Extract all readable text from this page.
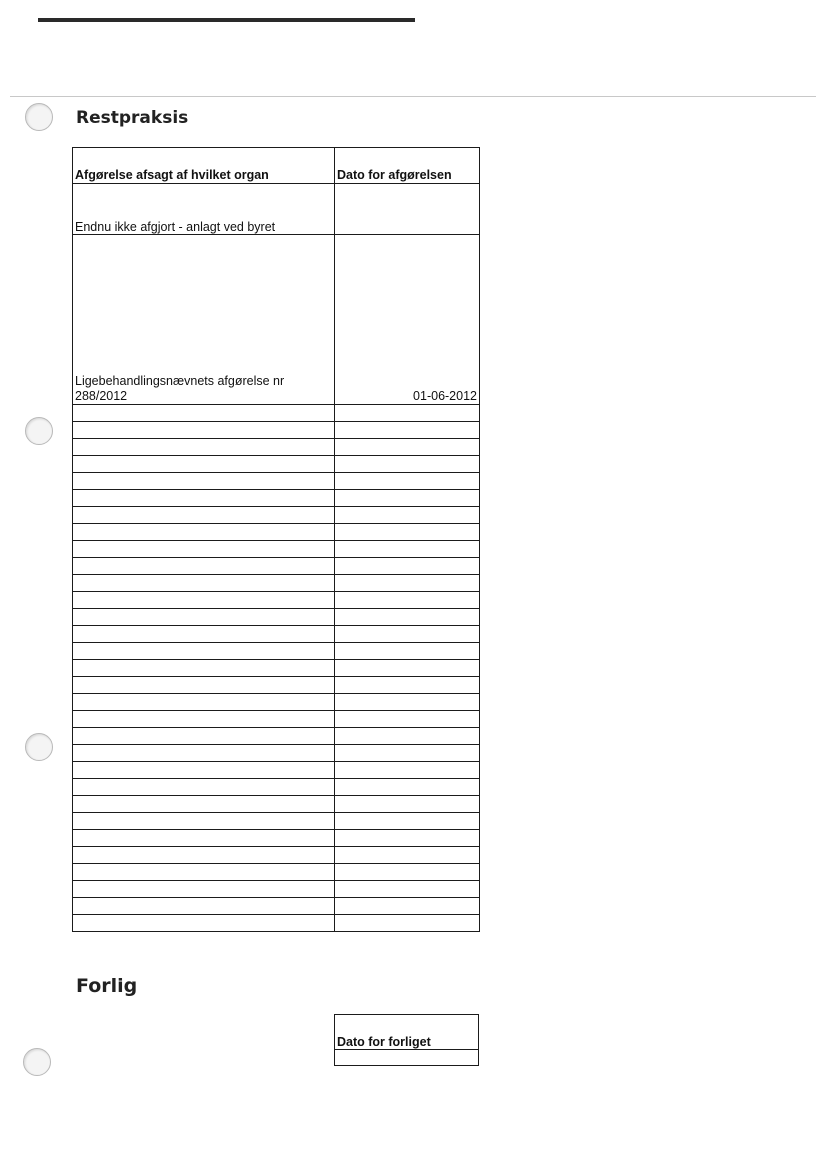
Restpraksis
Afgørelse afsagt af hvilket organ	Dato for afgørelsen
Endnu ikke afgjort - anlagt ved byret	
Ligebehandlingsnævnets afgørelse nr 288/2012	01-06-2012

Forlig
Dato for forliget
